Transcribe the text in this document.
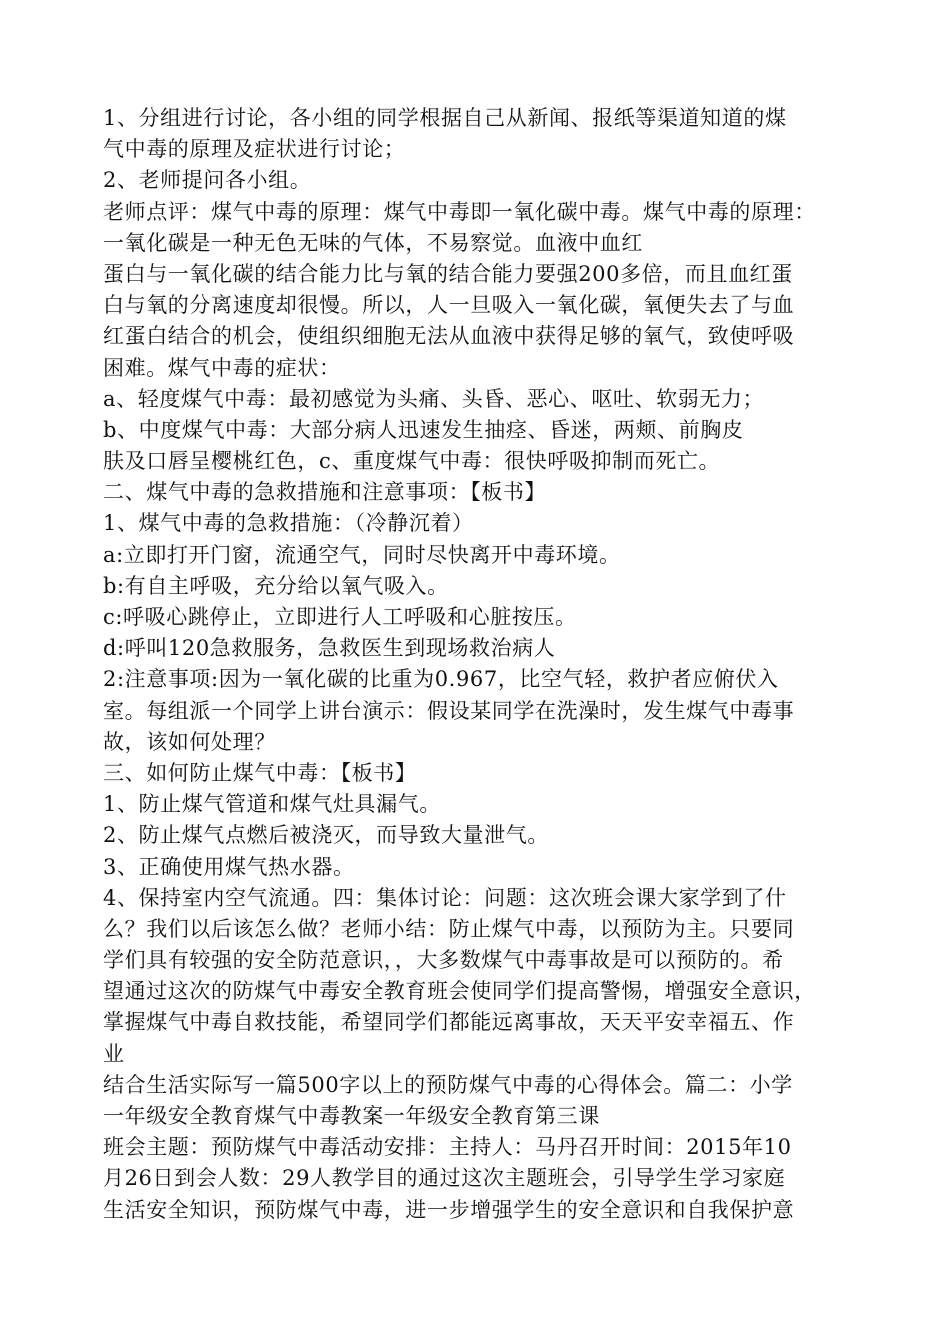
1、分组进行讨论，各小组的同学根据自己从新闻、报纸等渠道知道的煤
气中毒的原理及症状进行讨论；
2、老师提问各小组。
老师点评：煤气中毒的原理：煤气中毒即一氧化碳中毒。煤气中毒的原理：
一氧化碳是一种无色无味的气体，不易察觉。血液中血红
蛋白与一氧化碳的结合能力比与氧的结合能力要强200多倍，而且血红蛋
白与氧的分离速度却很慢。所以，人一旦吸入一氧化碳，氧便失去了与血
红蛋白结合的机会，使组织细胞无法从血液中获得足够的氧气，致使呼吸
困难。煤气中毒的症状：
a、轻度煤气中毒：最初感觉为头痛、头昏、恶心、呕吐、软弱无力；
b、中度煤气中毒：大部分病人迅速发生抽痉、昏迷，两颊、前胸皮
肤及口唇呈樱桃红色，c、重度煤气中毒：很快呼吸抑制而死亡。
二、煤气中毒的急救措施和注意事项：【板书】
1、煤气中毒的急救措施：（冷静沉着）
a:立即打开门窗，流通空气，同时尽快离开中毒环境。
b:有自主呼吸，充分给以氧气吸入。
c:呼吸心跳停止，立即进行人工呼吸和心脏按压。
d:呼叫120急救服务，急救医生到现场救治病人
2:注意事项:因为一氧化碳的比重为0.967，比空气轻，救护者应俯伏入
室。每组派一个同学上讲台演示：假设某同学在洗澡时，发生煤气中毒事
故，该如何处理？
三、如何防止煤气中毒：【板书】
1、防止煤气管道和煤气灶具漏气。
2、防止煤气点燃后被浇灭，而导致大量泄气。
3、正确使用煤气热水器。
4、保持室内空气流通。四：集体讨论：问题：这次班会课大家学到了什
么？我们以后该怎么做？老师小结：防止煤气中毒，以预防为主。只要同
学们具有较强的安全防范意识，，大多数煤气中毒事故是可以预防的。希
望通过这次的防煤气中毒安全教育班会使同学们提高警惕，增强安全意识，
掌握煤气中毒自救技能，希望同学们都能远离事故，天天平安幸福五、作
业
结合生活实际写一篇500字以上的预防煤气中毒的心得体会。篇二：小学
一年级安全教育煤气中毒教案一年级安全教育第三课
班会主题：预防煤气中毒活动安排：主持人：马丹召开时间：2015年10
月26日到会人数：29人教学目的通过这次主题班会，引导学生学习家庭
生活安全知识，预防煤气中毒，进一步增强学生的安全意识和自我保护意
